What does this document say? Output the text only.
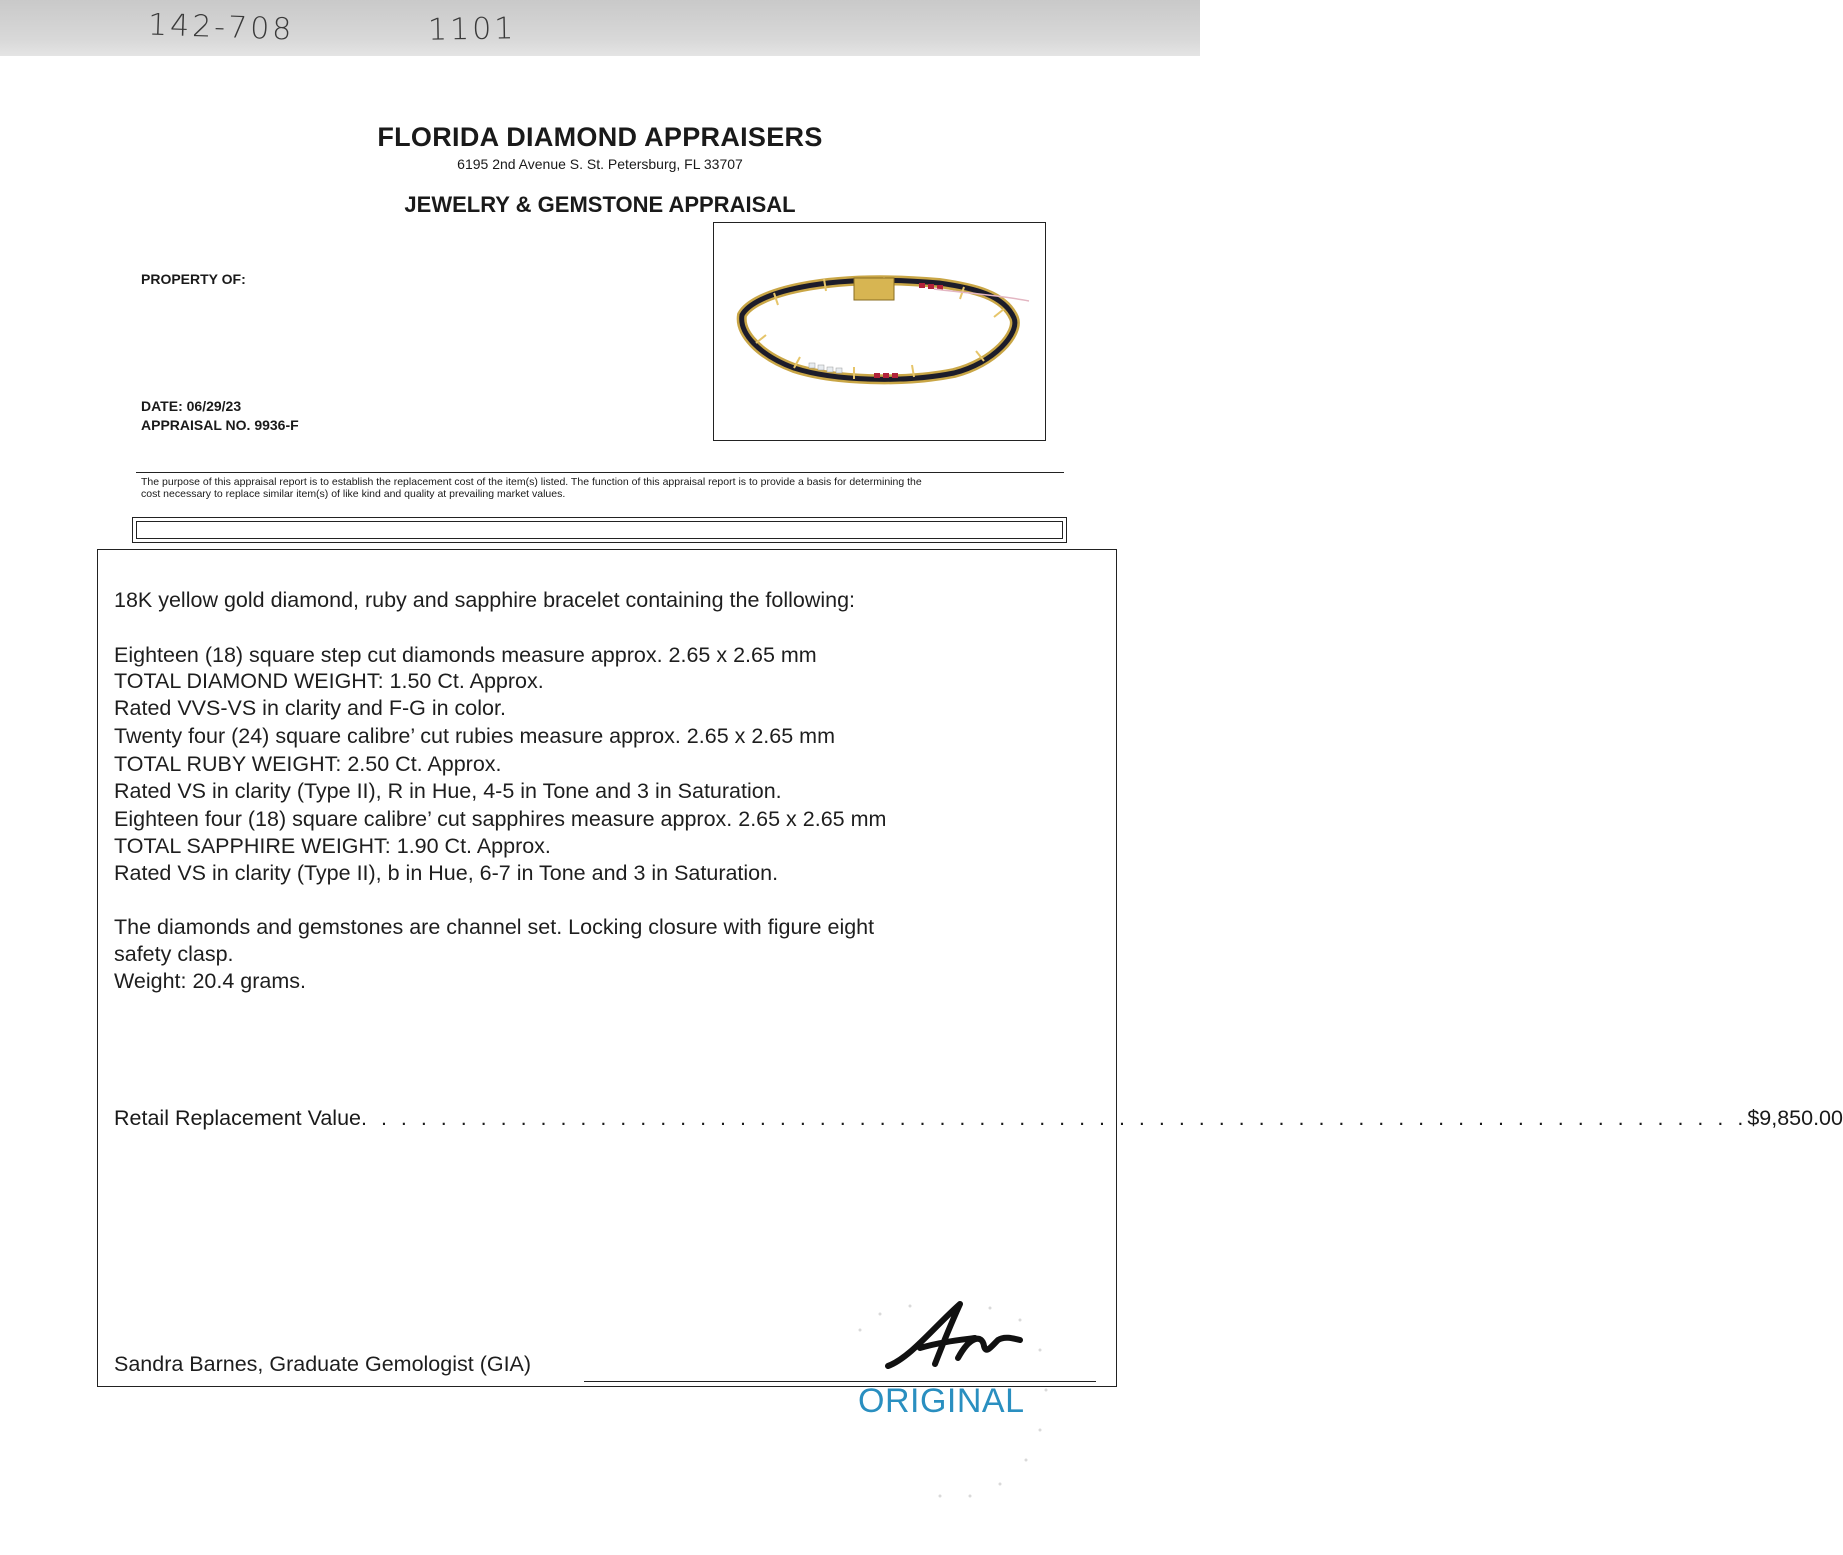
142-708	1101
FLORIDA DIAMOND APPRAISERS
6195 2nd Avenue S. St. Petersburg, FL 33707
JEWELRY & GEMSTONE APPRAISAL
PROPERTY OF:
DATE: 06/29/23
APPRAISAL NO. 9936-F
The purpose of this appraisal report is to establish the replacement cost of the item(s) listed. The function of this appraisal report is to provide a basis for determining the
cost necessary to replace similar item(s) of like kind and quality at prevailing market values.
18K yellow gold diamond, ruby and sapphire bracelet containing the following:
Eighteen (18) square step cut diamonds measure approx. 2.65 x 2.65 mm
TOTAL DIAMOND WEIGHT: 1.50 Ct. Approx.
Rated VVS-VS in clarity and F-G in color.
Twenty four (24) square calibre’ cut rubies measure approx. 2.65 x 2.65 mm
TOTAL RUBY WEIGHT: 2.50 Ct. Approx.
Rated VS in clarity (Type II), R in Hue, 4-5 in Tone and 3 in Saturation.
Eighteen four (18) square calibre’ cut sapphires measure approx. 2.65 x 2.65 mm
TOTAL SAPPHIRE WEIGHT: 1.90 Ct. Approx.
Rated VS in clarity (Type II), b in Hue, 6-7 in Tone and 3 in Saturation.
The diamonds and gemstones are channel set. Locking closure with figure eight
safety clasp.
Weight: 20.4 grams.
Retail Replacement Value . . . . . . . . . . . . . . . . . . . . . . . . . . . . . . . . . . . . . . . . . . . . . . . . . . . . . . . . . . . . . . . . . . . . . . $9,850.00
Sandra Barnes, Graduate Gemologist (GIA)
ORIGINAL
